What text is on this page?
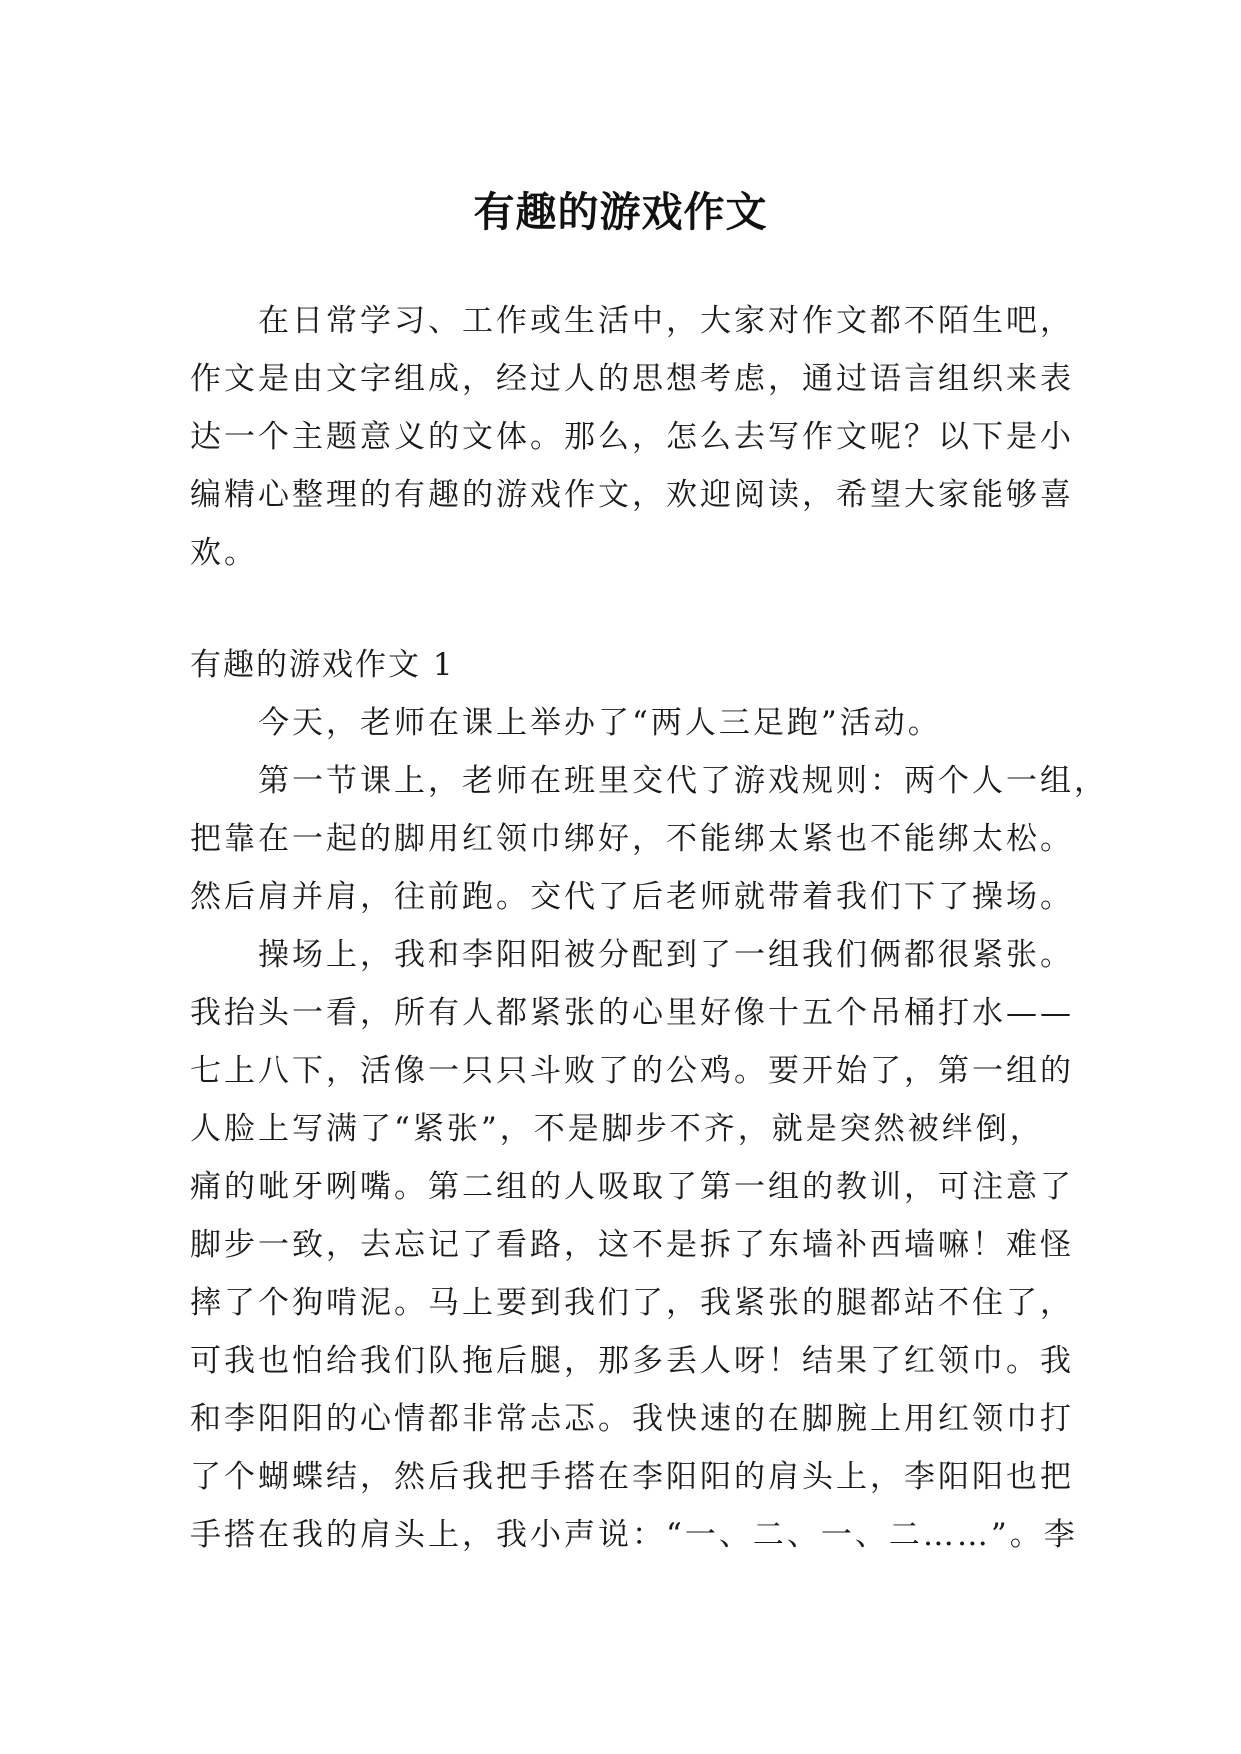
有趣的游戏作文
在日常学习、工作或生活中，大家对作文都不陌生吧，
作文是由文字组成，经过人的思想考虑，通过语言组织来表
达一个主题意义的文体。那么，怎么去写作文呢？以下是小
编精心整理的有趣的游戏作文，欢迎阅读，希望大家能够喜
欢。
有趣的游戏作文 1
今天，老师在课上举办了“两人三足跑”活动。
第一节课上，老师在班里交代了游戏规则：两个人一组，
把靠在一起的脚用红领巾绑好，不能绑太紧也不能绑太松。
然后肩并肩，往前跑。交代了后老师就带着我们下了操场。
操场上，我和李阳阳被分配到了一组我们俩都很紧张。
我抬头一看，所有人都紧张的心里好像十五个吊桶打水——
七上八下，活像一只只斗败了的公鸡。要开始了，第一组的
人脸上写满了“紧张”，不是脚步不齐，就是突然被绊倒，
痛的呲牙咧嘴。第二组的人吸取了第一组的教训，可注意了
脚步一致，去忘记了看路，这不是拆了东墙补西墙嘛！难怪
摔了个狗啃泥。马上要到我们了，我紧张的腿都站不住了，
可我也怕给我们队拖后腿，那多丢人呀！结果了红领巾。我
和李阳阳的心情都非常忐忑。我快速的在脚腕上用红领巾打
了个蝴蝶结，然后我把手搭在李阳阳的肩头上，李阳阳也把
手搭在我的肩头上，我小声说：“一、二、一、二……”。李
